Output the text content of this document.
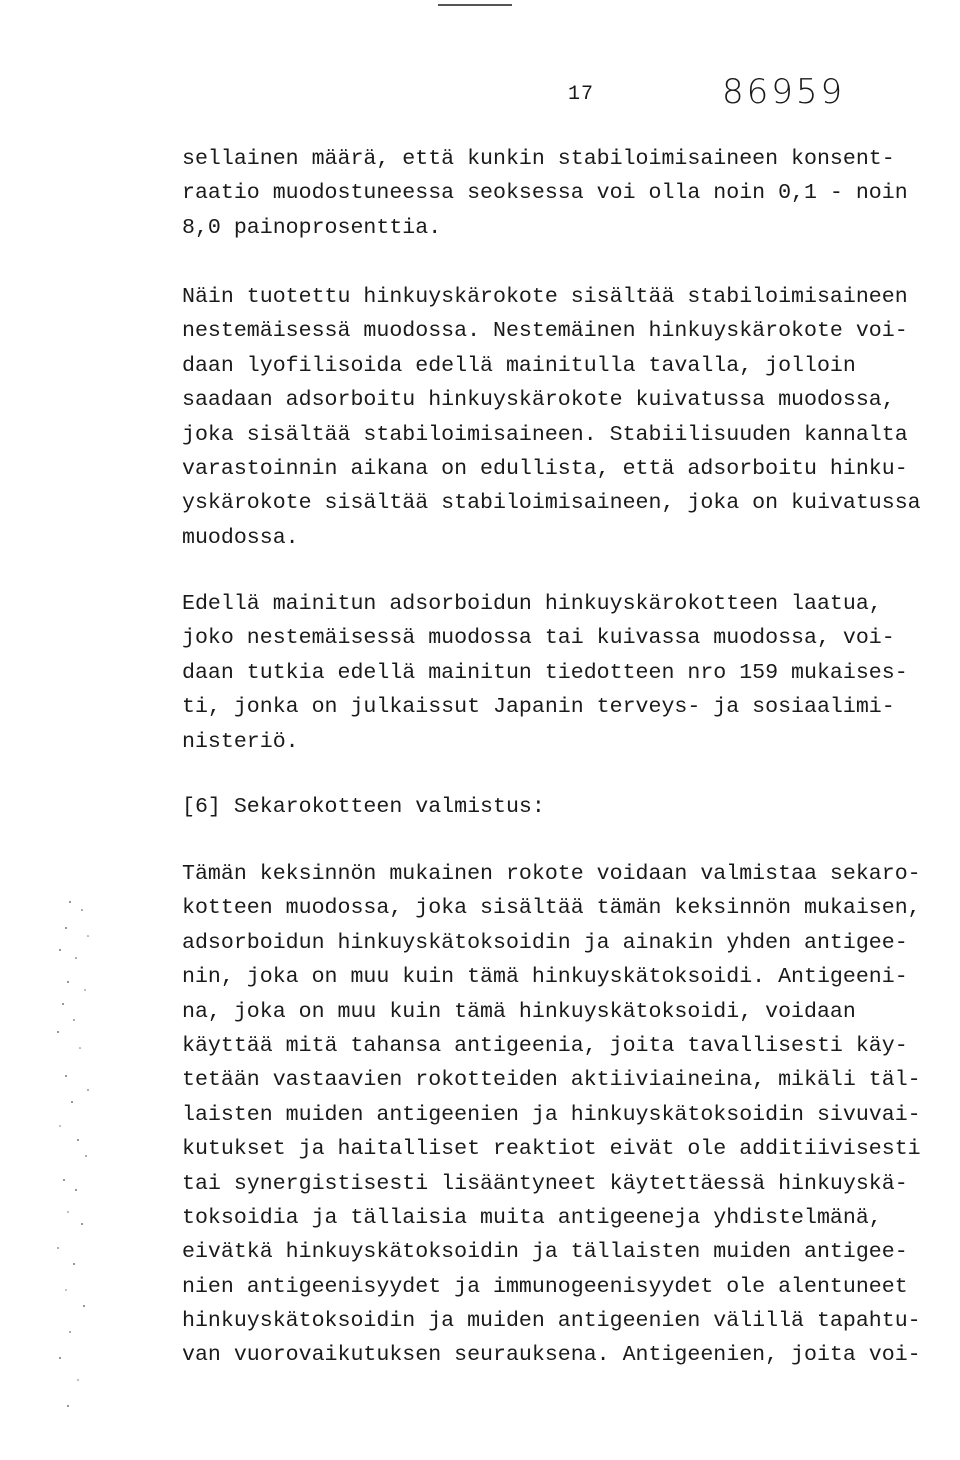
17	86959
sellainen määrä, että kunkin stabiloimisaineen konsent-
raatio muodostuneessa seoksessa voi olla noin 0,1 - noin
8,0 painoprosenttia.
Näin tuotettu hinkuyskärokote sisältää stabiloimisaineen
nestemäisessä muodossa. Nestemäinen hinkuyskärokote voi-
daan lyofilisoida edellä mainitulla tavalla, jolloin
saadaan adsorboitu hinkuyskärokote kuivatussa muodossa,
joka sisältää stabiloimisaineen. Stabiilisuuden kannalta
varastoinnin aikana on edullista, että adsorboitu hinku-
yskärokote sisältää stabiloimisaineen, joka on kuivatussa
muodossa.
Edellä mainitun adsorboidun hinkuyskärokotteen laatua,
joko nestemäisessä muodossa tai kuivassa muodossa, voi-
daan tutkia edellä mainitun tiedotteen nro 159 mukaises-
ti, jonka on julkaissut Japanin terveys- ja sosiaalimi-
nisteriö.
[6] Sekarokotteen valmistus:
Tämän keksinnön mukainen rokote voidaan valmistaa sekaro-
kotteen muodossa, joka sisältää tämän keksinnön mukaisen,
adsorboidun hinkuyskätoksoidin ja ainakin yhden antigee-
nin, joka on muu kuin tämä hinkuyskätoksoidi. Antigeeni-
na, joka on muu kuin tämä hinkuyskätoksoidi, voidaan
käyttää mitä tahansa antigeenia, joita tavallisesti käy-
tetään vastaavien rokotteiden aktiiviaineina, mikäli täl-
laisten muiden antigeenien ja hinkuyskätoksoidin sivuvai-
kutukset ja haitalliset reaktiot eivät ole additiivisesti
tai synergistisesti lisääntyneet käytettäessä hinkuyskä-
toksoidia ja tällaisia muita antigeeneja yhdistelmänä,
eivätkä hinkuyskätoksoidin ja tällaisten muiden antigee-
nien antigeenisyydet ja immunogeenisyydet ole alentuneet
hinkuyskätoksoidin ja muiden antigeenien välillä tapahtu-
van vuorovaikutuksen seurauksena. Antigeenien, joita voi-
